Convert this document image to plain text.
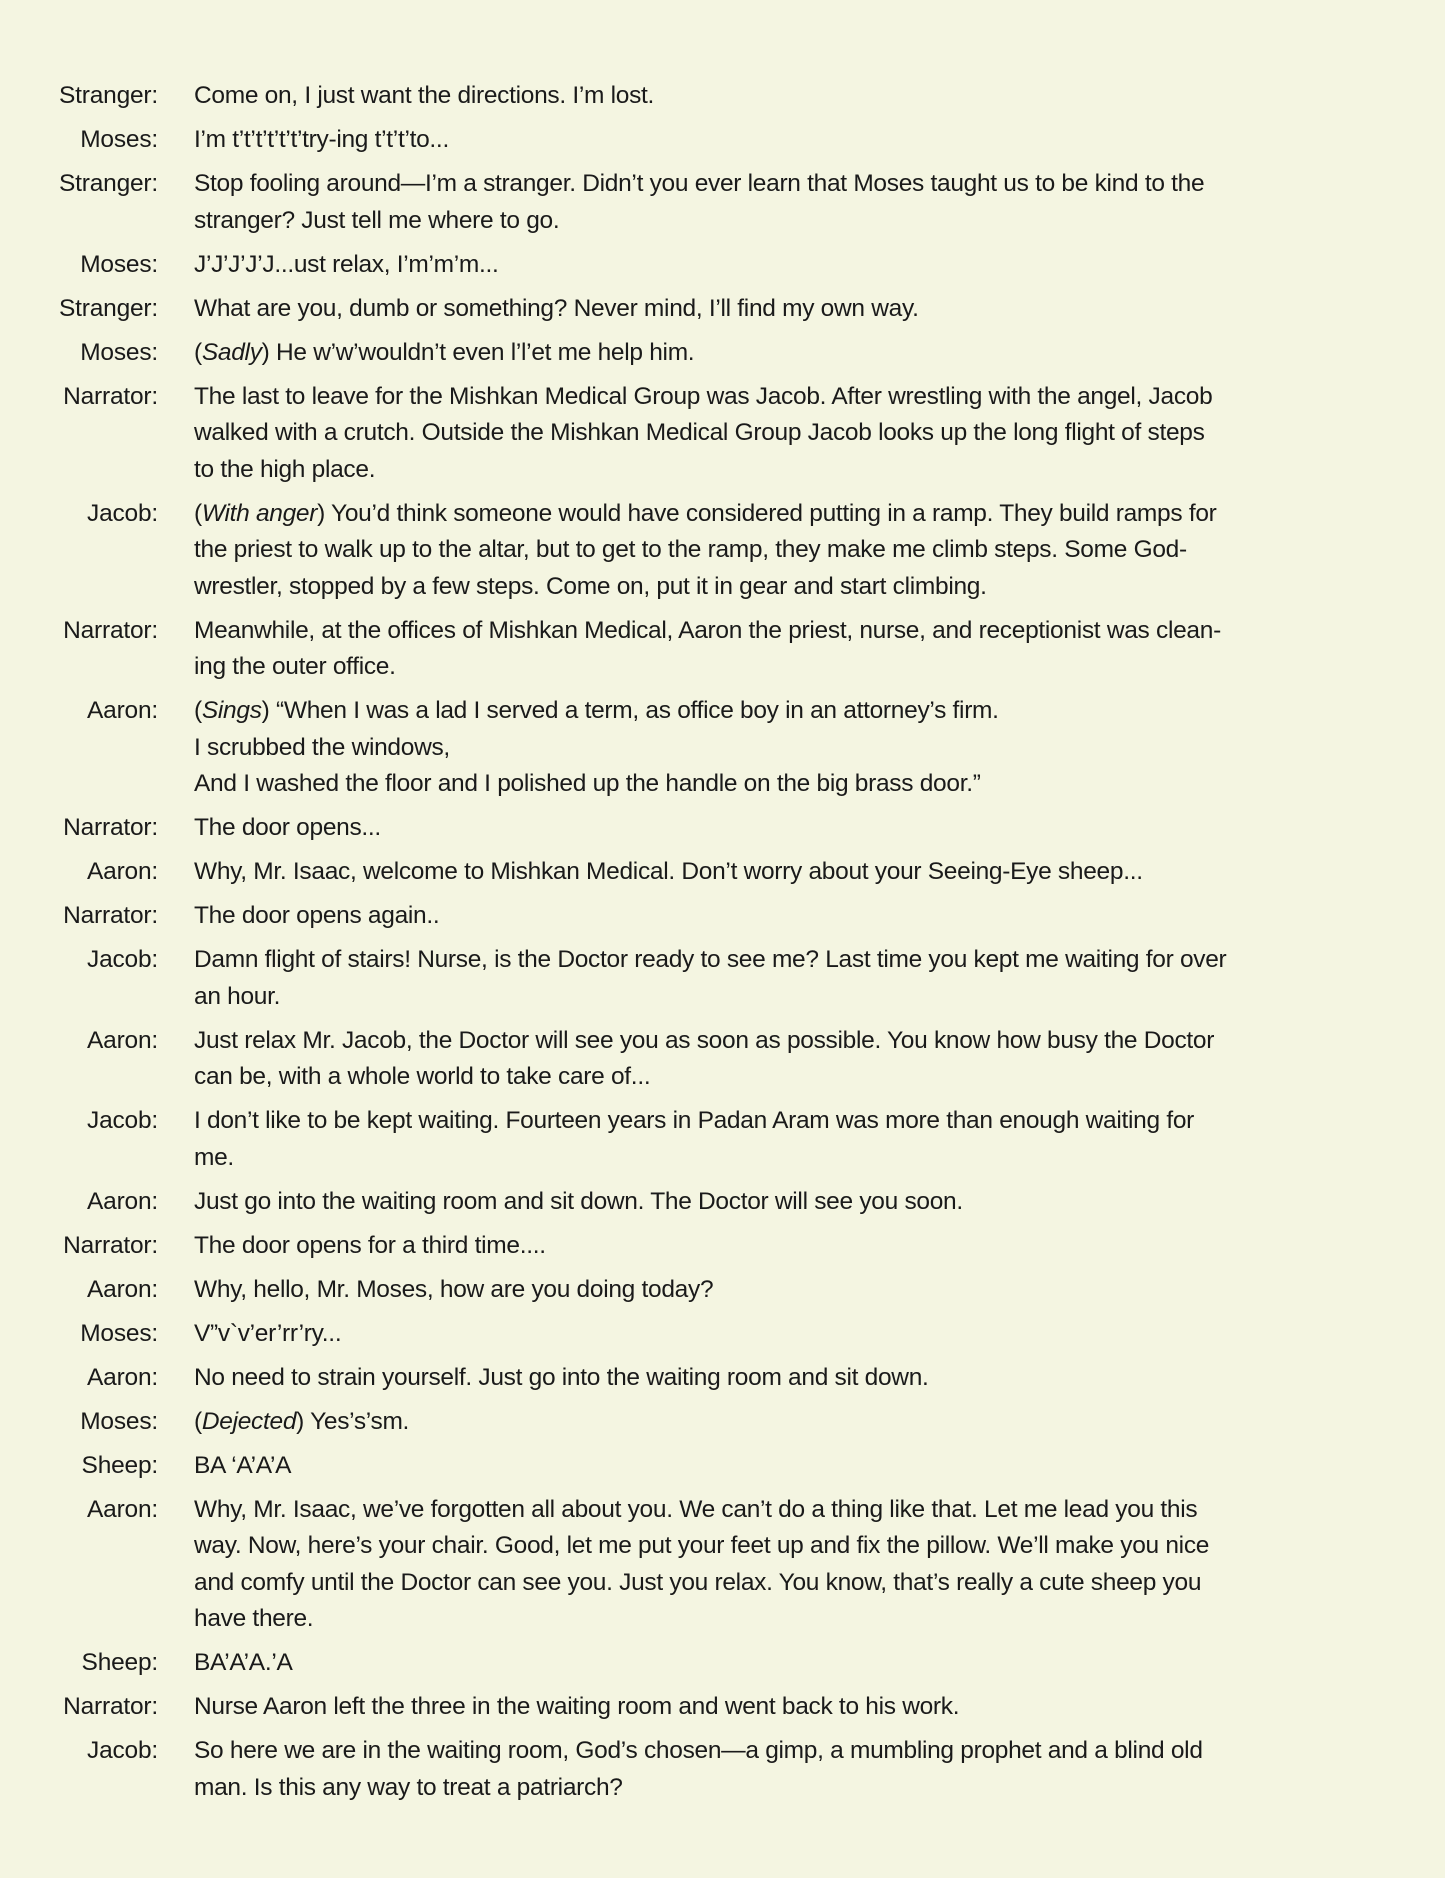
Stranger:	Come on, I just want the directions. I’m lost.
Moses:	I’m t’t’t’t’t’t’try-ing t’t’t’to...
Stranger:	Stop fooling around—I’m a stranger. Didn’t you ever learn that Moses taught us to be kind to the
stranger? Just tell me where to go.
Moses:	J’J’J’J’J...ust relax, I’m’m’m...
Stranger:	What are you, dumb or something? Never mind, I’ll find my own way.
Moses:	(Sadly) He w’w’wouldn’t even l’l’et me help him.
Narrator:	The last to leave for the Mishkan Medical Group was Jacob. After wrestling with the angel, Jacob
walked with a crutch. Outside the Mishkan Medical Group Jacob looks up the long flight of steps
to the high place.
Jacob:	(With anger) You’d think someone would have considered putting in a ramp. They build ramps for
the priest to walk up to the altar, but to get to the ramp, they make me climb steps. Some God-
wrestler, stopped by a few steps. Come on, put it in gear and start climbing.
Narrator:	Meanwhile, at the offices of Mishkan Medical, Aaron the priest, nurse, and receptionist was clean-
ing the outer office.
Aaron:	(Sings) “When I was a lad I served a term, as office boy in an attorney’s firm.
I scrubbed the windows,
And I washed the floor and I polished up the handle on the big brass door.”
Narrator:	The door opens...
Aaron:	Why, Mr. Isaac, welcome to Mishkan Medical. Don’t worry about your Seeing-Eye sheep...
Narrator:	The door opens again..
Jacob:	Damn flight of stairs! Nurse, is the Doctor ready to see me? Last time you kept me waiting for over
an hour.
Aaron:	Just relax Mr. Jacob, the Doctor will see you as soon as possible. You know how busy the Doctor
can be, with a whole world to take care of...
Jacob:	I don’t like to be kept waiting. Fourteen years in Padan Aram was more than enough waiting for
me.
Aaron:	Just go into the waiting room and sit down. The Doctor will see you soon.
Narrator:	The door opens for a third time....
Aaron:	Why, hello, Mr. Moses, how are you doing today?
Moses:	V”v`v’er’rr’ry...
Aaron:	No need to strain yourself. Just go into the waiting room and sit down.
Moses:	(Dejected) Yes’s’sm.
Sheep:	BA ‘A’A’A
Aaron:	Why, Mr. Isaac, we’ve forgotten all about you. We can’t do a thing like that. Let me lead you this
way. Now, here’s your chair. Good, let me put your feet up and fix the pillow. We’ll make you nice
and comfy until the Doctor can see you. Just you relax. You know, that’s really a cute sheep you
have there.
Sheep:	BA’A’A.’A
Narrator:	Nurse Aaron left the three in the waiting room and went back to his work.
Jacob:	So here we are in the waiting room, God’s chosen—a gimp, a mumbling prophet and a blind old
man. Is this any way to treat a patriarch?
